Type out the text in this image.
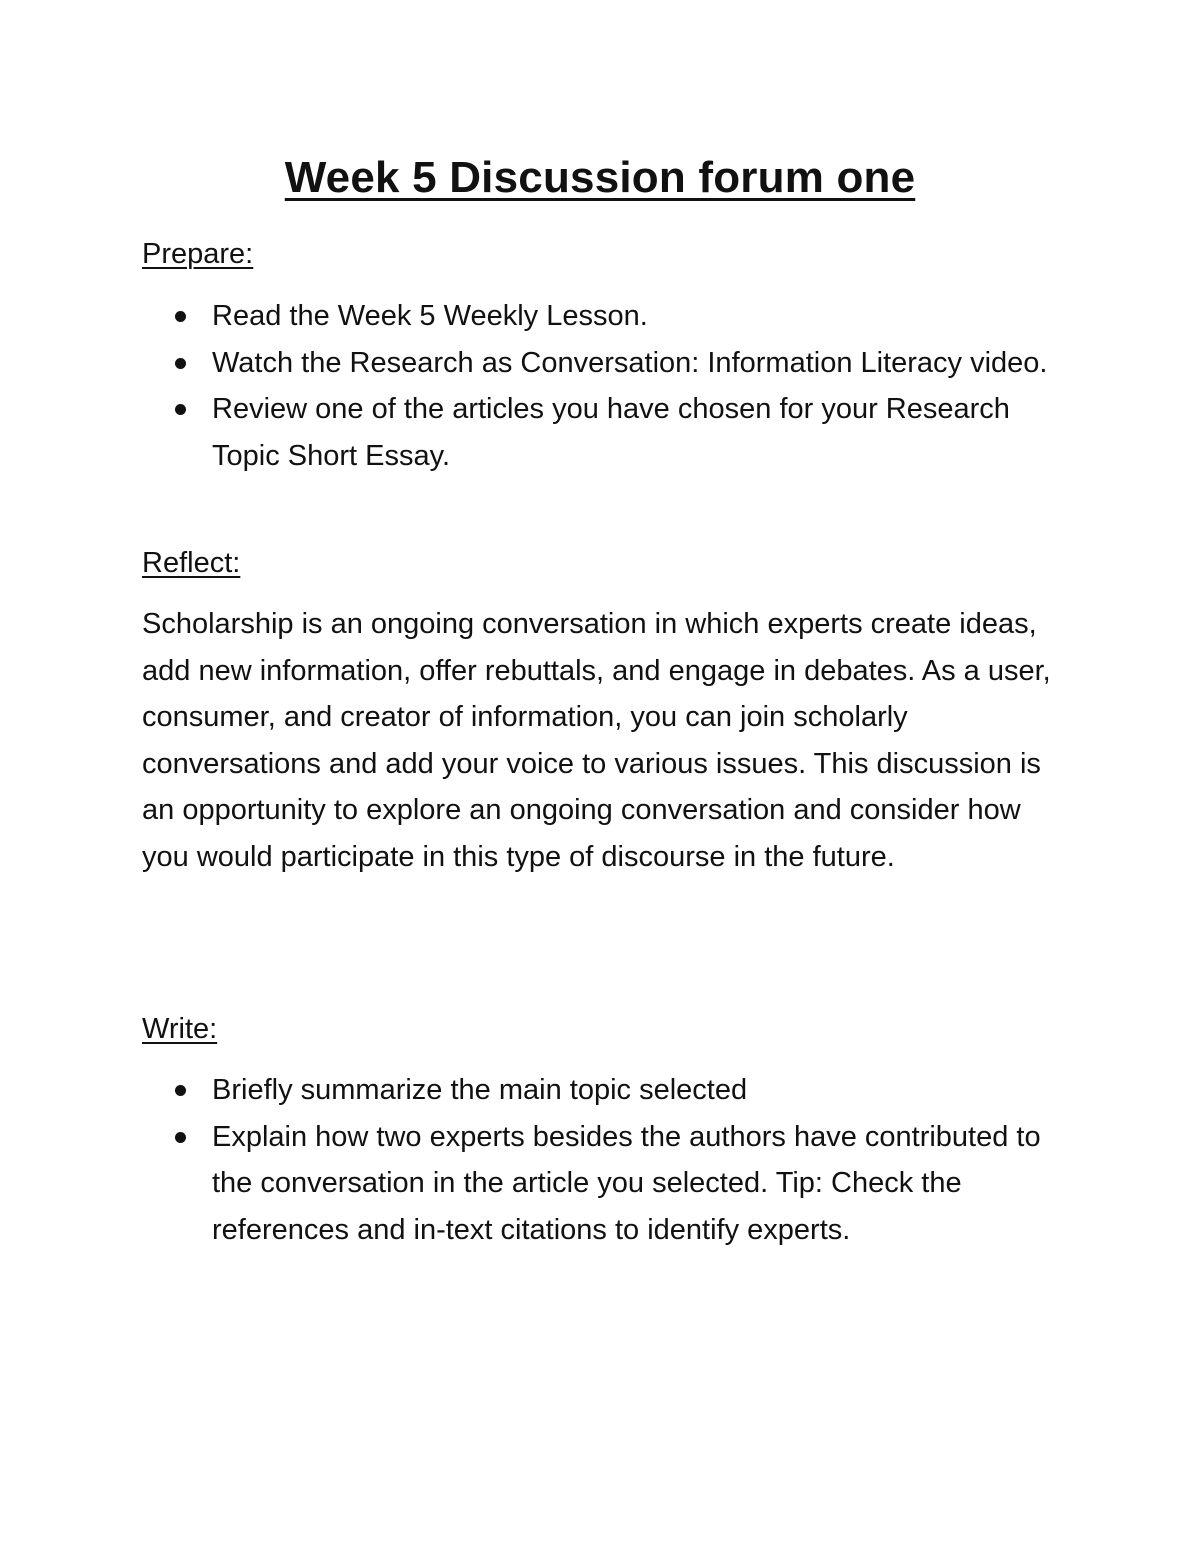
Week 5 Discussion forum one
Prepare:
Read the Week 5 Weekly Lesson.
Watch the Research as Conversation: Information Literacy video.
Review one of the articles you have chosen for your Research Topic Short Essay.
Reflect:

Scholarship is an ongoing conversation in which experts create ideas, add new information, offer rebuttals, and engage in debates. As a user, consumer, and creator of information, you can join scholarly conversations and add your voice to various issues. This discussion is an opportunity to explore an ongoing conversation and consider how you would participate in this type of discourse in the future.

Write:
Briefly summarize the main topic selected
Explain how two experts besides the authors have contributed to the conversation in the article you selected. Tip: Check the references and in-text citations to identify experts.
